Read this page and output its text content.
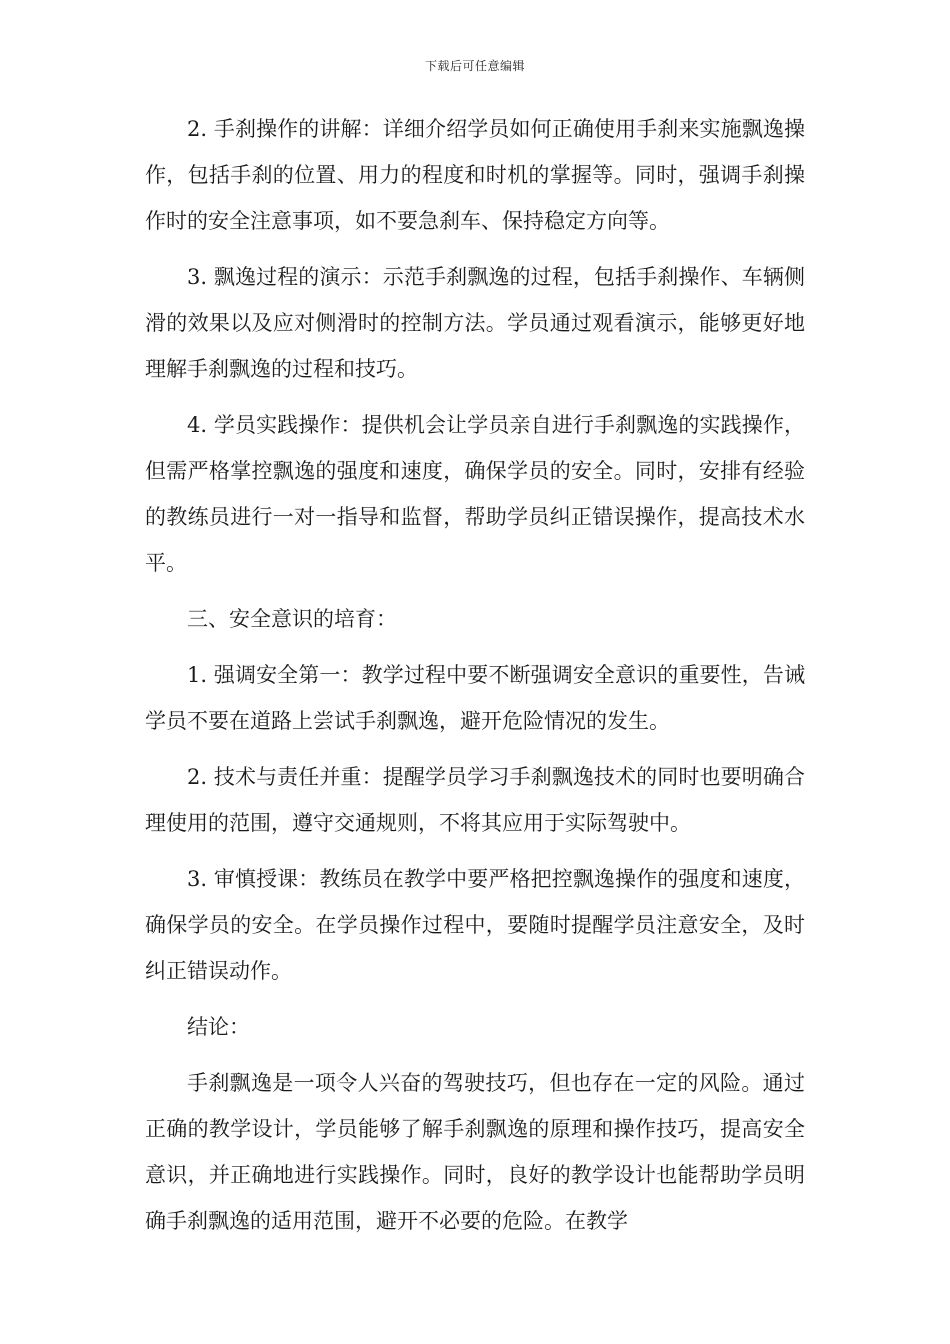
下载后可任意编辑

2. 手刹操作的讲解：详细介绍学员如何正确使用手刹来实施飘逸操作，包括手刹的位置、用力的程度和时机的掌握等。同时，强调手刹操作时的安全注意事项，如不要急刹车、保持稳定方向等。

3. 飘逸过程的演示：示范手刹飘逸的过程，包括手刹操作、车辆侧滑的效果以及应对侧滑时的控制方法。学员通过观看演示，能够更好地理解手刹飘逸的过程和技巧。

4. 学员实践操作：提供机会让学员亲自进行手刹飘逸的实践操作，但需严格掌控飘逸的强度和速度，确保学员的安全。同时，安排有经验的教练员进行一对一指导和监督，帮助学员纠正错误操作，提高技术水平。

三、安全意识的培育：

1. 强调安全第一：教学过程中要不断强调安全意识的重要性，告诫学员不要在道路上尝试手刹飘逸，避开危险情况的发生。

2. 技术与责任并重：提醒学员学习手刹飘逸技术的同时也要明确合理使用的范围，遵守交通规则，不将其应用于实际驾驶中。

3. 审慎授课：教练员在教学中要严格把控飘逸操作的强度和速度，确保学员的安全。在学员操作过程中，要随时提醒学员注意安全，及时纠正错误动作。

结论：

手刹飘逸是一项令人兴奋的驾驶技巧，但也存在一定的风险。通过正确的教学设计，学员能够了解手刹飘逸的原理和操作技巧，提高安全意识，并正确地进行实践操作。同时，良好的教学设计也能帮助学员明确手刹飘逸的适用范围，避开不必要的危险。在教学
